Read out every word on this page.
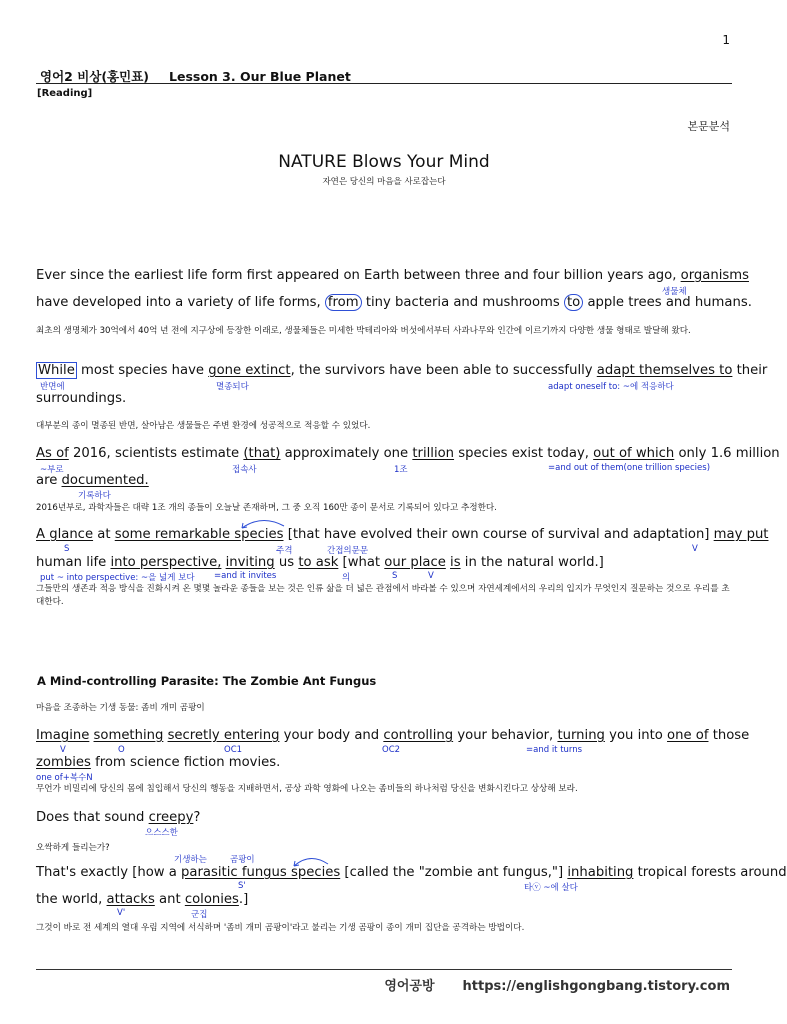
1
영어2 비상(홍민표) Lesson 3. Our Blue Planet
[Reading]
본문분석
NATURE Blows Your Mind
자연은 당신의 마음을 사로잡는다
Ever since the earliest life form first appeared on Earth between three and four billion years ago, organisms
생물체
have developed into a variety of life forms, from tiny bacteria and mushrooms to apple trees and humans.
최초의 생명체가 30억에서 40억 년 전에 지구상에 등장한 이래로, 생물체들은 미세한 박테리아와 버섯에서부터 사과나무와 인간에 이르기까지 다양한 생물 형태로 발달해 왔다.
While most species have gone extinct, the survivors have been able to successfully adapt themselves to their
반면에	멸종되다	adapt oneself to: ~에 적응하다
surroundings.
대부분의 종이 멸종된 반면, 살아남은 생물들은 주변 환경에 성공적으로 적응할 수 있었다.
As of 2016, scientists estimate (that) approximately one trillion species exist today, out of which only 1.6 million
~부로	접속사	1조	=and out of them(one trillion species)
are documented.
기록하다
2016년부로, 과학자들은 대략 1조 개의 종들이 오늘날 존재하며, 그 중 오직 160만 종이 문서로 기록되어 있다고 추정한다.
A glance at some remarkable species [that have evolved their own course of survival and adaptation] may put
S	주격	간접의문문	V
human life into perspective, inviting us to ask [what our place is in the natural world.]
put ~ into perspective: ~을 넓게 보다 =and it invites	의	S	V
그들만의 생존과 적응 방식을 진화시켜 온 몇몇 놀라운 종들을 보는 것은 인류 삶을 더 넓은 관점에서 바라볼 수 있으며 자연세계에서의 우리의 입지가 무엇인지 질문하는 것으로 우리를 초대한다.
A Mind-controlling Parasite: The Zombie Ant Fungus
마음을 조종하는 기생 동물: 좀비 개미 곰팡이
Imagine something secretly entering your body and controlling your behavior, turning you into one of those
V	O	OC1	OC2	=and it turns
zombies from science fiction movies.
one of+복수N
무언가 비밀리에 당신의 몸에 침입해서 당신의 행동을 지배하면서, 공상 과학 영화에 나오는 좀비들의 하나처럼 당신을 변화시킨다고 상상해 보라.
Does that sound creepy?
으스스한
오싹하게 들리는가?
기생하는	곰팡이
That's exactly [how a parasitic fungus species [called the "zombie ant fungus,"] inhabiting tropical forests around
S'	타ⓥ ~에 살다
the world, attacks ant colonies.]
V'	군집
그것이 바로 전 세계의 열대 우림 지역에 서식하며 '좀비 개미 곰팡이'라고 불리는 기생 곰팡이 종이 개미 집단을 공격하는 방법이다.
영어공방 https://englishgongbang.tistory.com
